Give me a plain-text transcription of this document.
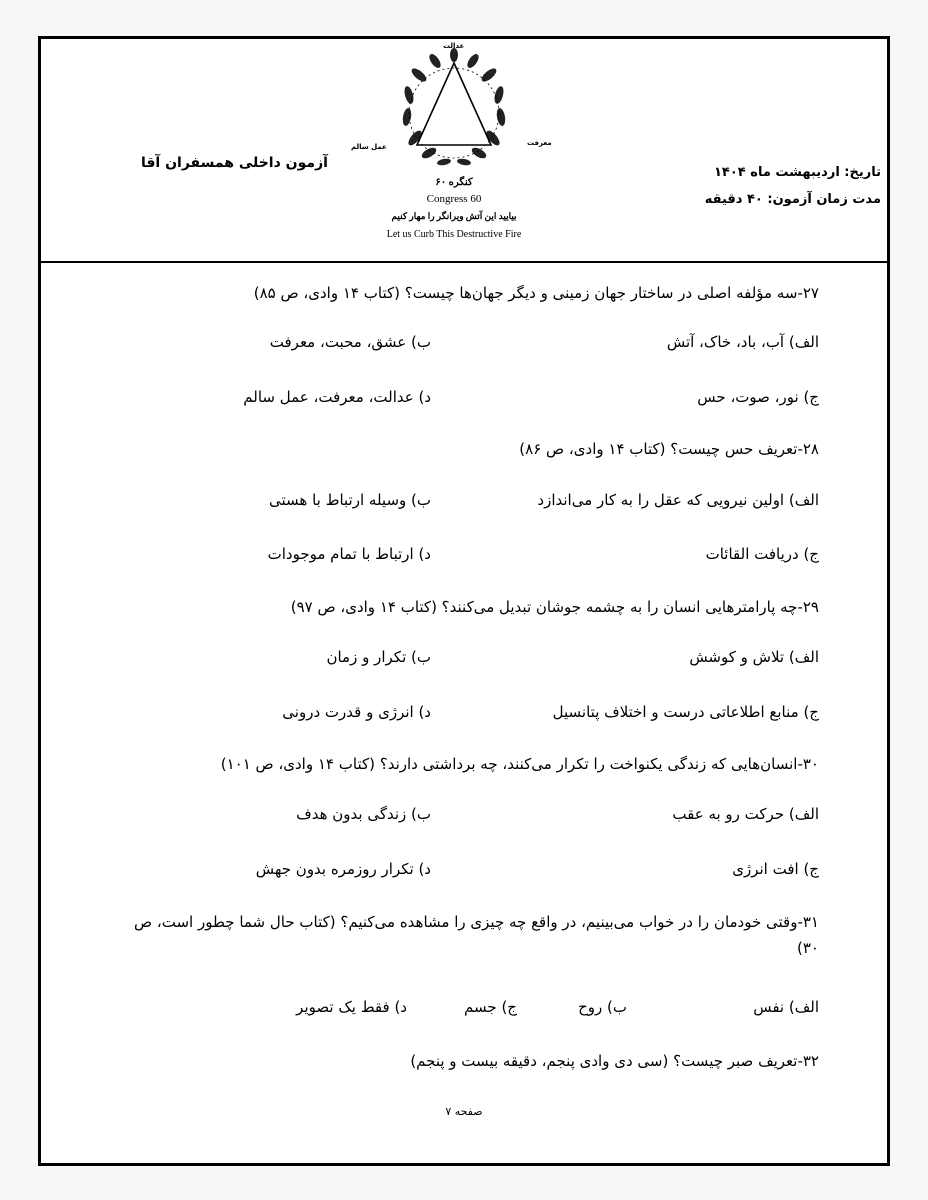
آزمون داخلی همسفران آقا
عدالت
معرفت
عمل سالم
کنگره ۶۰
Congress 60
بیایید این آتش ویرانگر را مهار کنیم
Let us Curb This Destructive Fire
تاریخ: اردیبهشت ماه ۱۴۰۴
مدت زمان آزمون: ۴۰ دقیقه
۲۷-سه مؤلفه اصلی در ساختار جهان زمینی و دیگر جهان‌ها چیست؟ (کتاب ۱۴ وادی، ص ۸۵)
الف) آب، باد، خاک، آتش
ب) عشق، محبت، معرفت
ج) نور، صوت، حس
د) عدالت، معرفت، عمل سالم
۲۸-تعریف حس چیست؟ (کتاب ۱۴ وادی، ص ۸۶)
الف) اولین نیرویی که عقل را به کار می‌اندازد
ب) وسیله ارتباط با هستی
ج) دریافت القائات
د) ارتباط با تمام موجودات
۲۹-چه پارامترهایی انسان را به چشمه جوشان تبدیل می‌کنند؟ (کتاب ۱۴ وادی، ص ۹۷)
الف) تلاش و کوشش
ب) تکرار و زمان
ج) منابع اطلاعاتی درست و اختلاف پتانسیل
د) انرژی و قدرت درونی
۳۰-انسان‌هایی که زندگی یکنواخت را تکرار می‌کنند، چه برداشتی دارند؟ (کتاب ۱۴ وادی، ص ۱۰۱)
الف) حرکت رو به عقب
ب) زندگی بدون هدف
ج) افت انرژی
د) تکرار روزمره بدون جهش
۳۱-وقتی خودمان را در خواب می‌بینیم، در واقع چه چیزی را مشاهده می‌کنیم؟ (کتاب حال شما چطور است، ص ۳۰)
الف) نفس
ب) روح
ج) جسم
د) فقط یک تصویر
۳۲-تعریف صبر چیست؟ (سی دی وادی پنجم، دقیقه بیست و پنجم)
صفحه ۷
